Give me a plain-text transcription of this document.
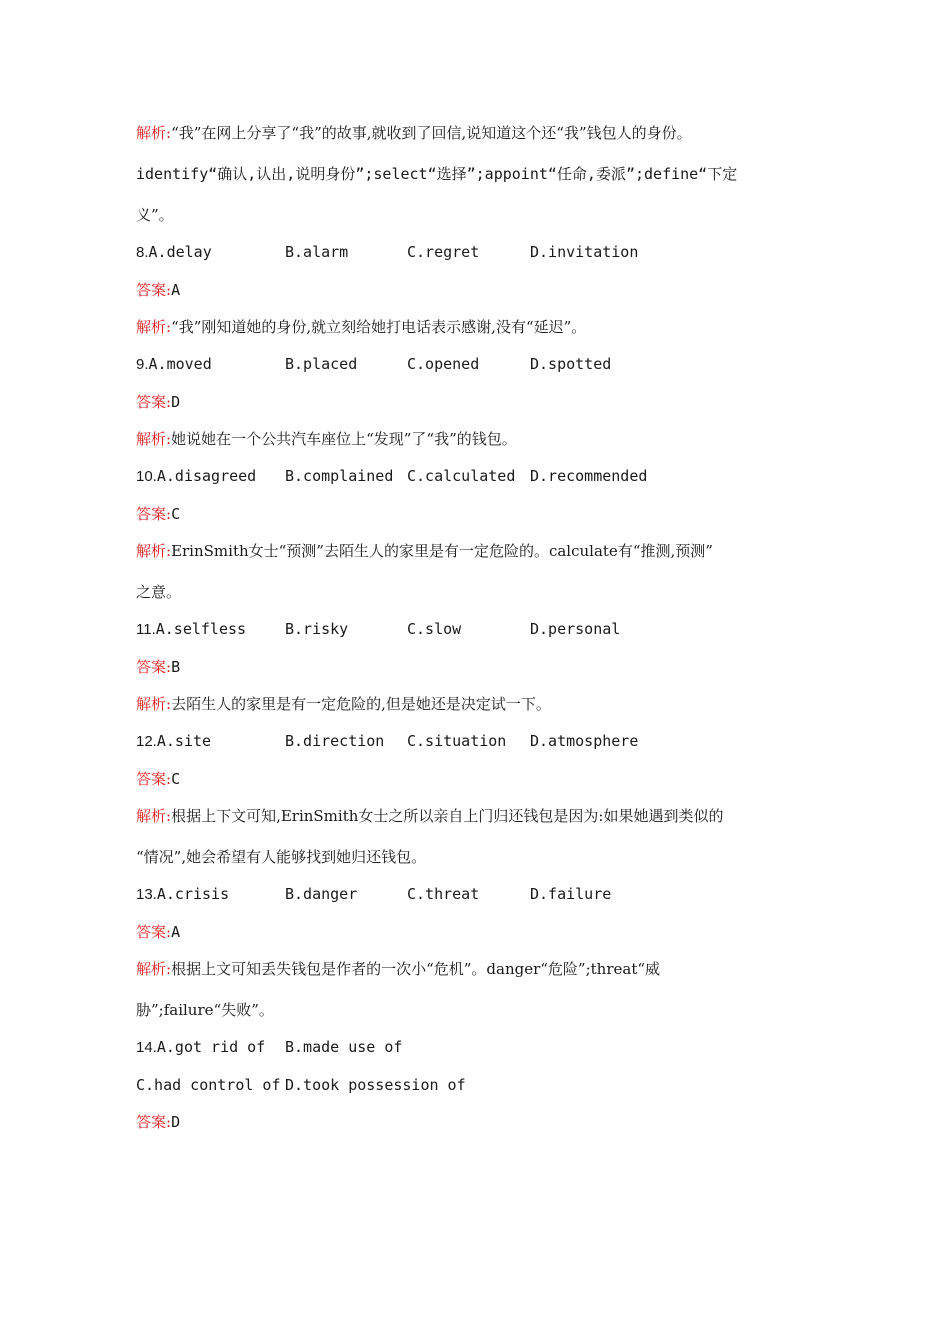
解析:“我”在网上分享了“我”的故事,就收到了回信,说知道这个还“我”钱包人的身份。

identify“确认,认出,说明身份”;select“选择”;appoint“任命,委派”;define“下定

义”。

8.A.delay	B.alarm	C.regret	D.invitation

答案:A

解析:“我”刚知道她的身份,就立刻给她打电话表示感谢,没有“延迟”。

9.A.moved	B.placed	C.opened	D.spotted

答案:D

解析:她说她在一个公共汽车座位上“发现”了“我”的钱包。

10.A.disagreed	B.complained C.calculated D.recommended

答案:C

解析:ErinSmith女士“预测”去陌生人的家里是有一定危险的。calculate有“推测,预测”

之意。

11.A.selfless	B.risky	C.slow	D.personal

答案:B

解析:去陌生人的家里是有一定危险的,但是她还是决定试一下。

12.A.site	B.direction	C.situation	D.atmosphere

答案:C

解析:根据上下文可知,ErinSmith女士之所以亲自上门归还钱包是因为:如果她遇到类似的

“情况”,她会希望有人能够找到她归还钱包。

13.A.crisis	B.danger	C.threat	D.failure

答案:A

解析:根据上文可知丢失钱包是作者的一次小“危机”。danger“危险”;threat“威

胁”;failure“失败”。

14.A.got rid of	B.made use of
C.had control of D.took possession of

答案:D
